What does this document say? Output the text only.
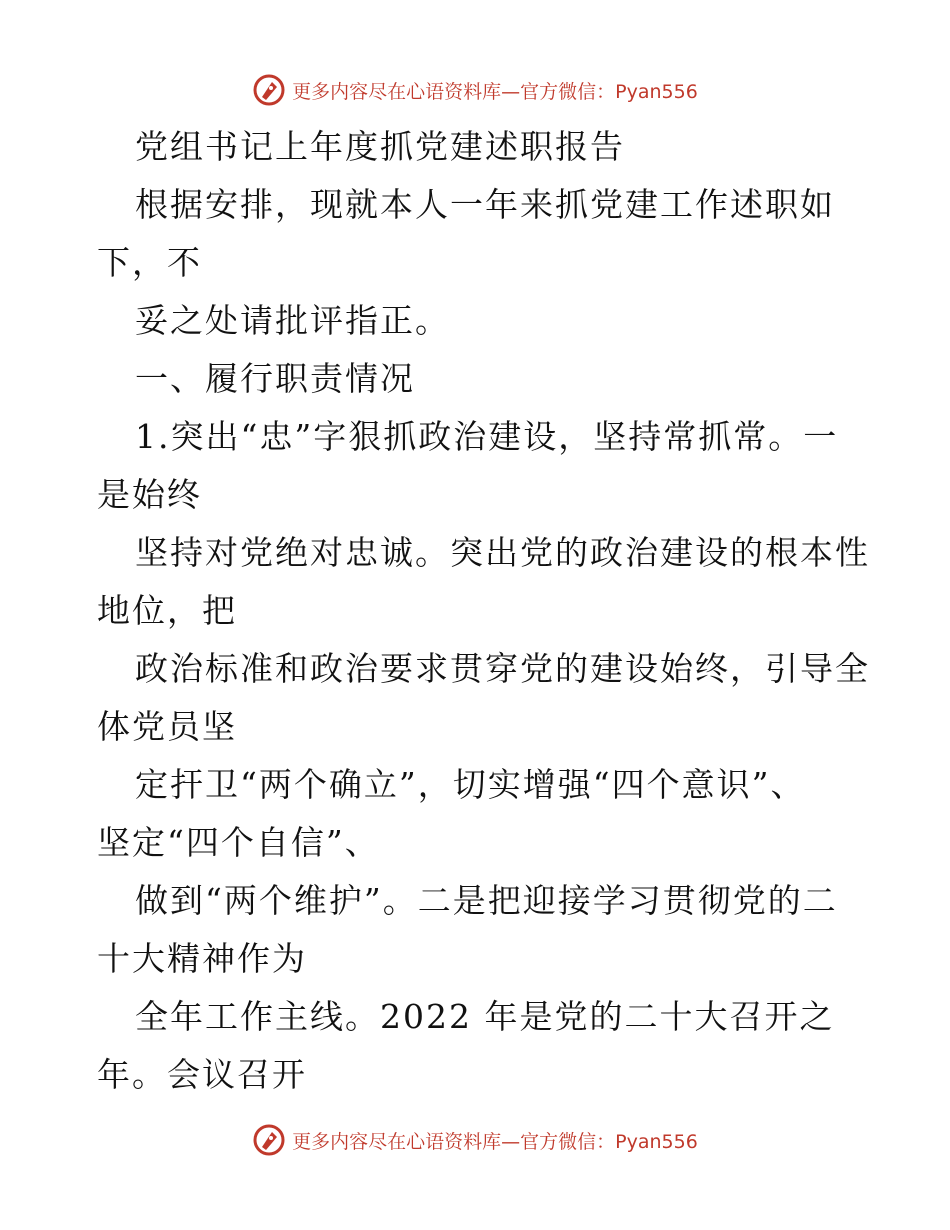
更多内容尽在心语资料库—官方微信：Pyan556
党组书记上年度抓党建述职报告
根据安排，现就本人一年来抓党建工作述职如
下，不
妥之处请批评指正。
一、履行职责情况
1.突出“忠”字狠抓政治建设，坚持常抓常。一
是始终
坚持对党绝对忠诚。突出党的政治建设的根本性
地位，把
政治标准和政治要求贯穿党的建设始终，引导全
体党员坚
定扞卫“两个确立”，切实增强“四个意识”、
坚定“四个自信”、
做到“两个维护”。二是把迎接学习贯彻党的二
十大精神作为
全年工作主线。2022 年是党的二十大召开之
年。会议召开
更多内容尽在心语资料库—官方微信：Pyan556
